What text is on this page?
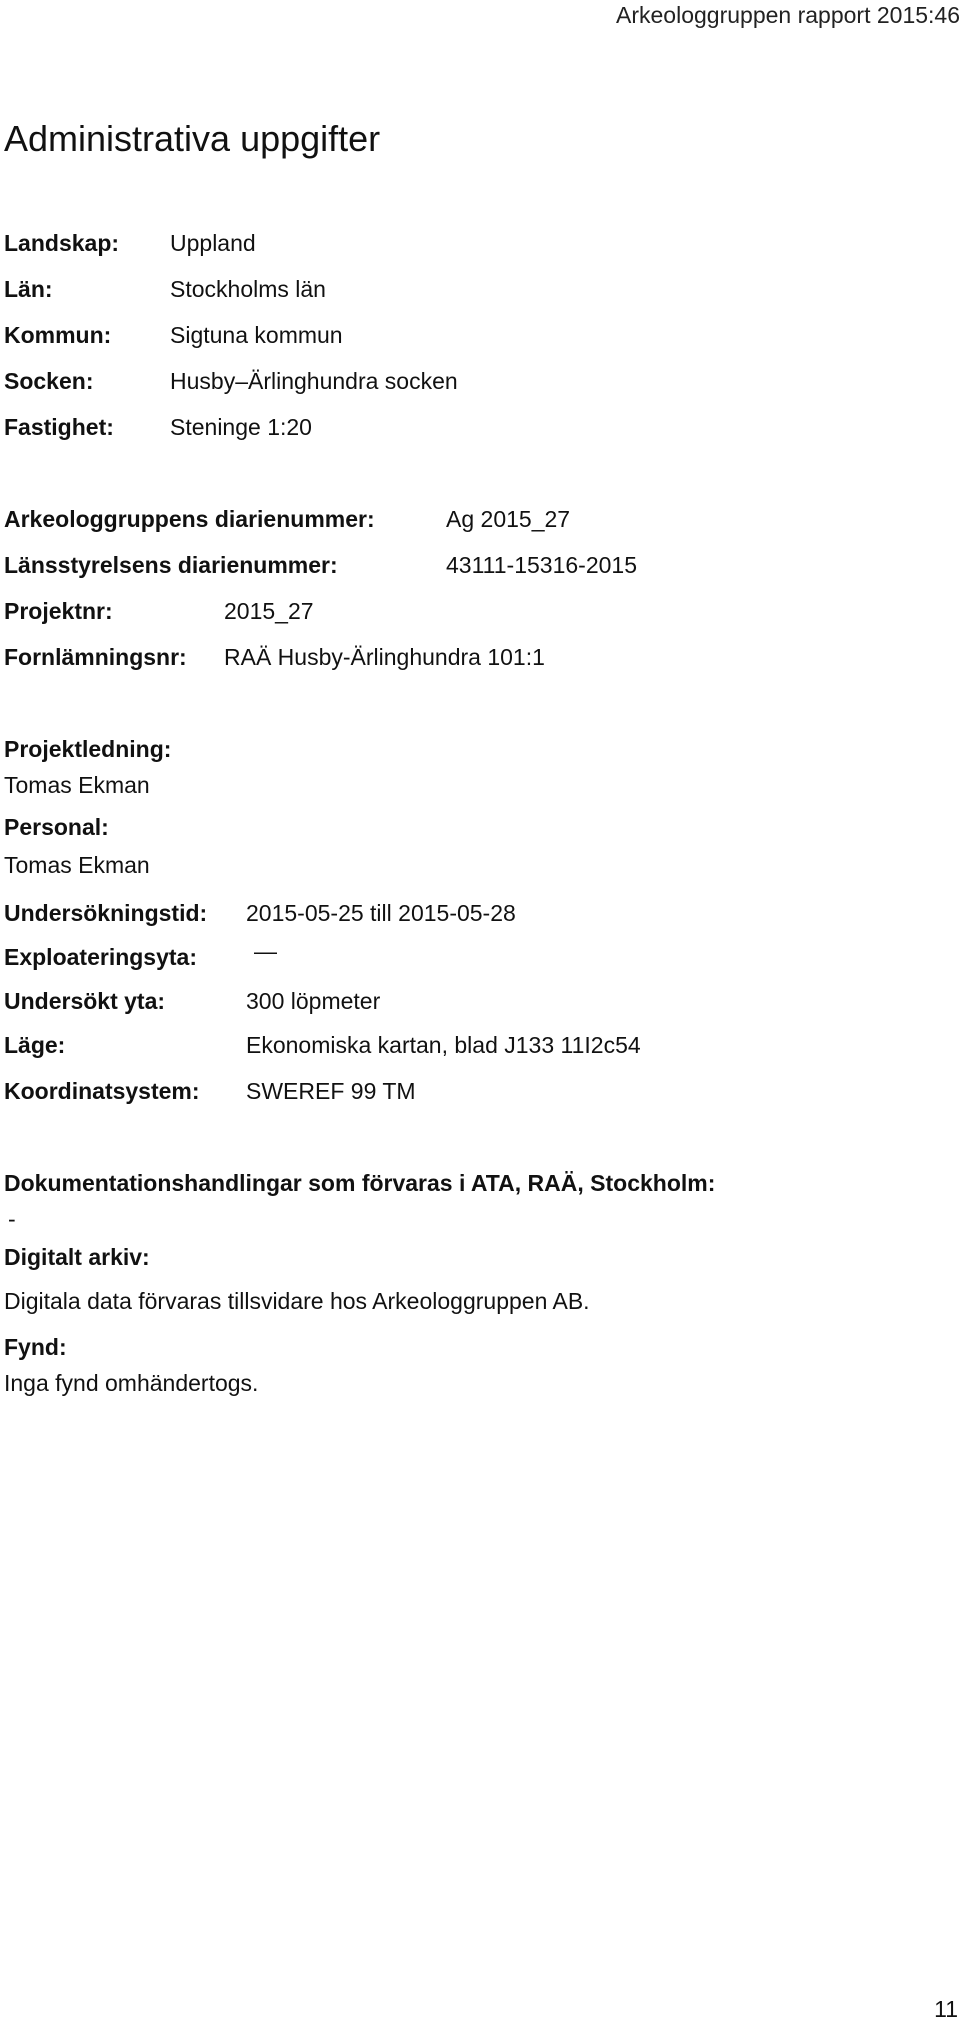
Arkeologgruppen rapport 2015:46
Administrativa uppgifter
Landskap: Uppland
Län:	Stockholms län
Kommun:	Sigtuna kommun
Socken:	Husby–Ärlinghundra socken
Fastighet: Steninge 1:20
Arkeologgruppens diarienummer:	Ag 2015_27
Länsstyrelsens diarienummer:	43111-15316-2015
Projektnr:	2015_27
Fornlämningsnr: RAÄ Husby-Ärlinghundra 101:1
Projektledning:
Tomas Ekman
Personal:
Tomas Ekman
Undersökningstid: 2015-05-25 till 2015-05-28
Exploateringsyta: —
Undersökt yta:	300 löpmeter
Läge:	Ekonomiska kartan, blad J133 11I2c54
Koordinatsystem: SWEREF 99 TM
Dokumentationshandlingar som förvaras i ATA, RAÄ, Stockholm:
-
Digitalt arkiv:
Digitala data förvaras tillsvidare hos Arkeologgruppen AB.
Fynd:
Inga fynd omhändertogs.
11
